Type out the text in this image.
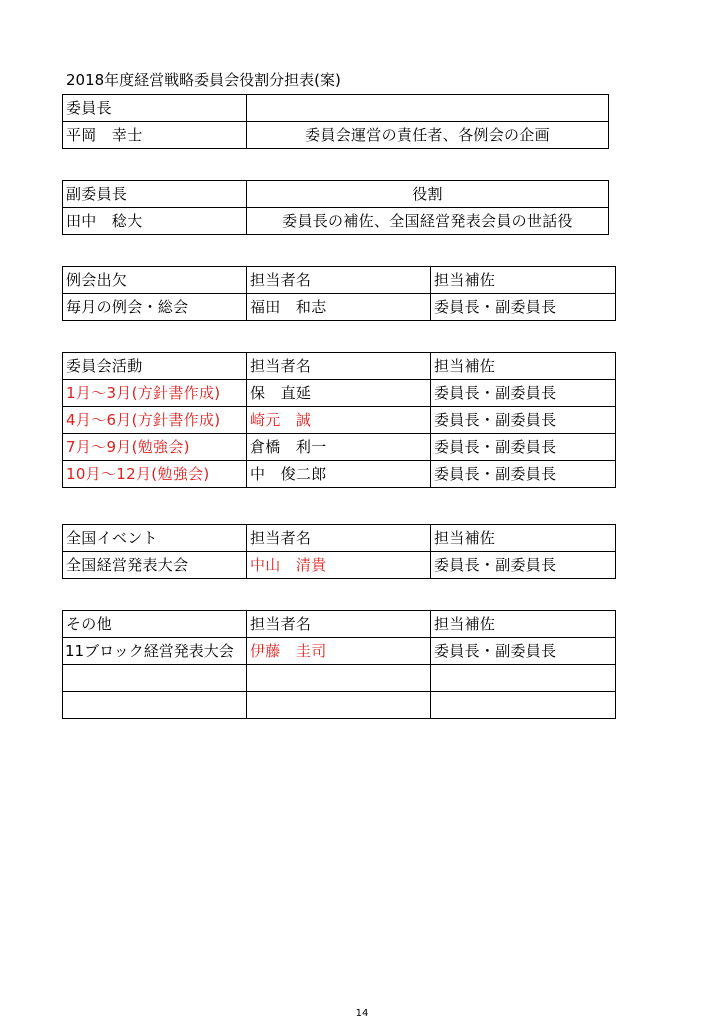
2018年度経営戦略委員会役割分担表(案)
委員長	
平岡　幸士	委員会運営の責任者、各例会の企画
副委員長	役割
田中　稔大	委員長の補佐、全国経営発表会員の世話役
例会出欠	担当者名	担当補佐
毎月の例会・総会	福田　和志	委員長・副委員長
委員会活動	担当者名	担当補佐
1月～3月(方針書作成)	保　直延	委員長・副委員長
4月～6月(方針書作成)	崎元　誠	委員長・副委員長
7月～9月(勉強会)	倉橋　利一	委員長・副委員長
10月～12月(勉強会)	中　俊二郎	委員長・副委員長
全国イベント	担当者名	担当補佐
全国経営発表大会	中山　清貴	委員長・副委員長
その他	担当者名	担当補佐
11ブロック経営発表大会	伊藤　圭司	委員長・副委員長

14
